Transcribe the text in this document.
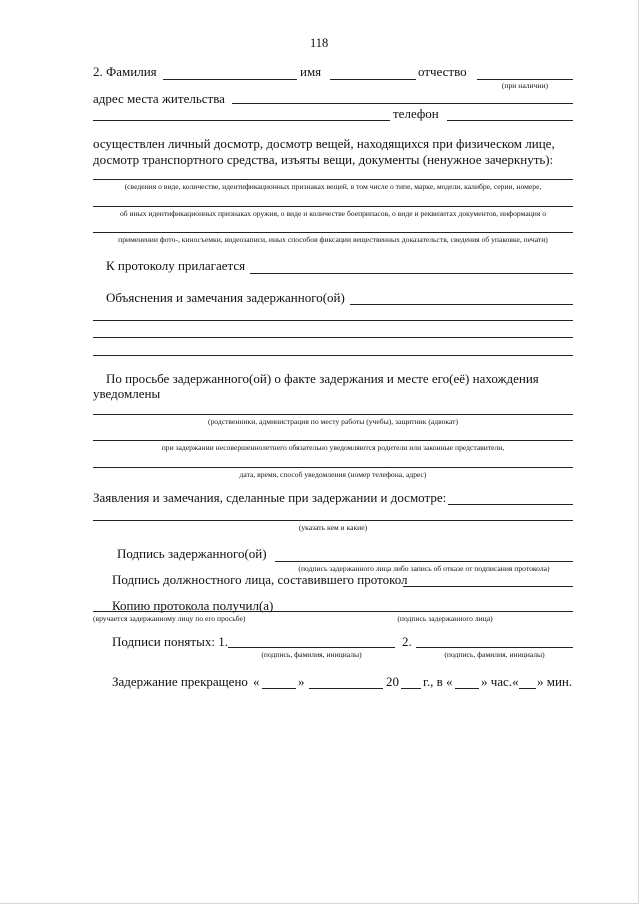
118
2. Фамилия	имя	отчество
(при наличии)
адрес места жительства
телефон
осуществлен личный досмотр, досмотр вещей, находящихся при физическом лице,
досмотр транспортного средства, изъяты вещи, документы (ненужное зачеркнуть):
(сведения о виде, количестве, идентификационных признаках вещей, в том числе о типе, марке, модели, калибре, серии, номере,
об иных идентификационных признаках оружия, о виде и количестве боеприпасов, о виде и реквизитах документов, информация о
применении фото-, киносъемки, видеозаписи, иных способов фиксации вещественных доказательств, сведения об упаковке, печати)
К протоколу прилагается
Объяснения и замечания задержанного(ой)
По просьбе задержанного(ой) о факте задержания и месте его(её) нахождения
уведомлены
(родственники, администрация по месту работы (учебы), защитник (адвокат)
при задержании несовершеннолетнего обязательно уведомляются родители или законные представители,
дата, время, способ уведомления (номер телефона, адрес)
Заявления и замечания, сделанные при задержании и досмотре:
(указать кем и какие)
Подпись задержанного(ой)
(подпись задержанного лица либо запись об отказе от подписания протокола)
Подпись должностного лица, составившего протокол
Копию протокола получил(а)
(вручается задержанному лицу по его просьбе)	(подпись задержанного лица)
Подписи понятых: 1.
(подпись, фамилия, инициалы)
2.
(подпись, фамилия, инициалы)
Задержание прекращено «	»	20 г., в « » час.« » мин.
